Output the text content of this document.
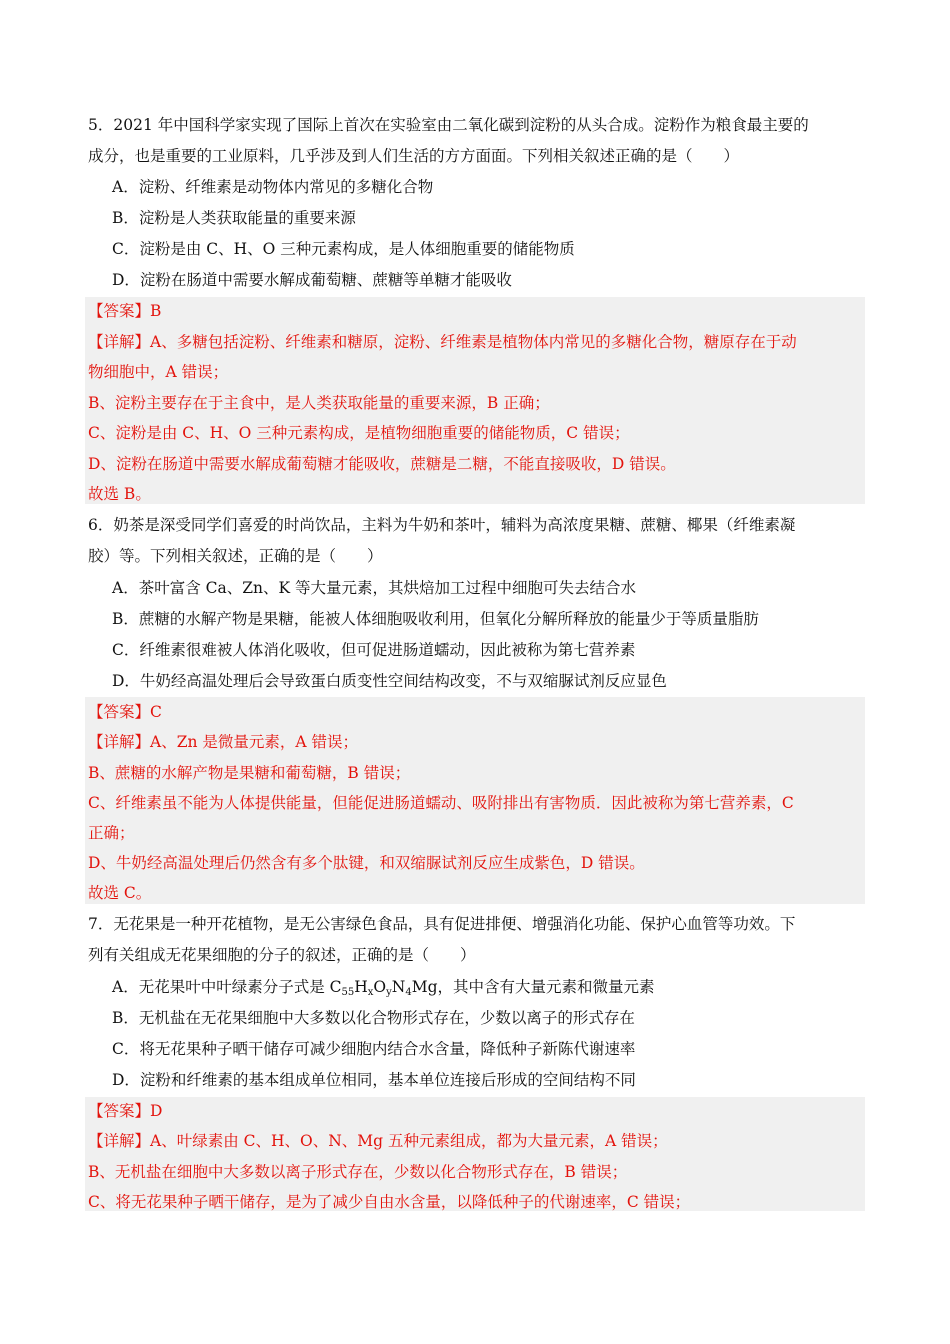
5．2021 年中国科学家实现了国际上首次在实验室由二氧化碳到淀粉的从头合成。淀粉作为粮食最主要的
成分，也是重要的工业原料，几乎涉及到人们生活的方方面面。下列相关叙述正确的是（　　）
A．淀粉、纤维素是动物体内常见的多糖化合物
B．淀粉是人类获取能量的重要来源
C．淀粉是由 C、H、O 三种元素构成，是人体细胞重要的储能物质
D．淀粉在肠道中需要水解成葡萄糖、蔗糖等单糖才能吸收
【答案】B
【详解】A、多糖包括淀粉、纤维素和糖原，淀粉、纤维素是植物体内常见的多糖化合物，糖原存在于动
物细胞中，A 错误；
B、淀粉主要存在于主食中，是人类获取能量的重要来源，B 正确；
C、淀粉是由 C、H、O 三种元素构成，是植物细胞重要的储能物质，C 错误；
D、淀粉在肠道中需要水解成葡萄糖才能吸收，蔗糖是二糖，不能直接吸收，D 错误。
故选 B。
6．奶茶是深受同学们喜爱的时尚饮品，主料为牛奶和茶叶，辅料为高浓度果糖、蔗糖、椰果（纤维素凝
胶）等。下列相关叙述，正确的是（　　）
A．茶叶富含 Ca、Zn、K 等大量元素，其烘焙加工过程中细胞可失去结合水
B．蔗糖的水解产物是果糖，能被人体细胞吸收利用，但氧化分解所释放的能量少于等质量脂肪
C．纤维素很难被人体消化吸收，但可促进肠道蠕动，因此被称为第七营养素
D．牛奶经高温处理后会导致蛋白质变性空间结构改变，不与双缩脲试剂反应显色
【答案】C
【详解】A、Zn 是微量元素，A 错误；
B、蔗糖的水解产物是果糖和葡萄糖，B 错误；
C、纤维素虽不能为人体提供能量，但能促进肠道蠕动、吸附排出有害物质．因此被称为第七营养素，C
正确；
D、牛奶经高温处理后仍然含有多个肽键，和双缩脲试剂反应生成紫色，D 错误。
故选 C。
7．无花果是一种开花植物，是无公害绿色食品，具有促进排便、增强消化功能、保护心血管等功效。下
列有关组成无花果细胞的分子的叙述，正确的是（　　）
A．无花果叶中叶绿素分子式是 $C_{55}H_xO_yN_4Mg$，其中含有大量元素和微量元素
B．无机盐在无花果细胞中大多数以化合物形式存在，少数以离子的形式存在
C．将无花果种子晒干储存可减少细胞内结合水含量，降低种子新陈代谢速率
D．淀粉和纤维素的基本组成单位相同，基本单位连接后形成的空间结构不同
【答案】D
【详解】A、叶绿素由 C、H、O、N、Mg 五种元素组成，都为大量元素，A 错误；
B、无机盐在细胞中大多数以离子形式存在，少数以化合物形式存在，B 错误；
C、将无花果种子晒干储存，是为了减少自由水含量，以降低种子的代谢速率，C 错误；
